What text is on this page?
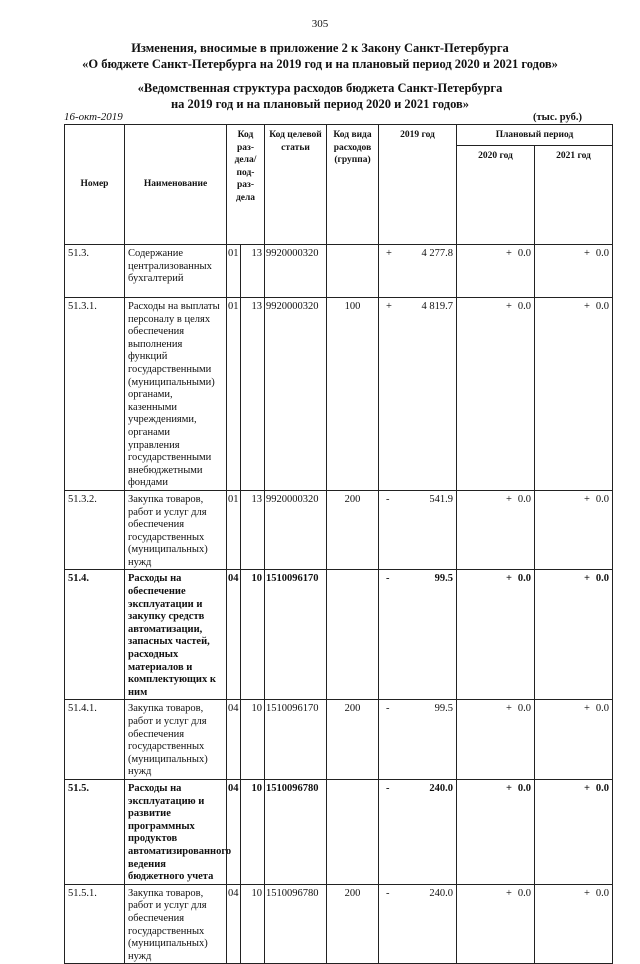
305
Изменения, вносимые в приложение 2 к Закону Санкт-Петербурга
«О бюджете Санкт-Петербурга на 2019 год и на плановый период 2020 и 2021 годов»
«Ведомственная структура расходов бюджета Санкт-Петербурга
на 2019 год и на плановый период 2020 и 2021 годов»
16-окт-2019	(тыс. руб.)
Номер	Наименование	Код раз- дела/ под- раз- дела		Код целевой статьи	Код вида расходов (группа)	2019 год	Плановый период	
							2020 год	2021 год
51.3.	Содержание централизованных бухгалтерий	01	13	9920000320		+ 4 277.8	+ 0.0	+ 0.0
51.3.1.	Расходы на выплаты персоналу в целях обеспечения выполнения функций государственными (муниципальными) органами, казенными учреждениями, органами управления государственными внебюджетными фондами	01	13	9920000320	100	+ 4 819.7	+ 0.0	+ 0.0
51.3.2.	Закупка товаров, работ и услуг для обеспечения государственных (муниципальных) нужд	01	13	9920000320	200	- 541.9	+ 0.0	+ 0.0
51.4.	Расходы на обеспечение эксплуатации и закупку средств автоматизации, запасных частей, расходных материалов и комплектующих к ним	04	10	1510096170		- 99.5	+ 0.0	+ 0.0
51.4.1.	Закупка товаров, работ и услуг для обеспечения государственных (муниципальных) нужд	04	10	1510096170	200	- 99.5	+ 0.0	+ 0.0
51.5.	Расходы на эксплуатацию и развитие программных продуктов автоматизированного ведения бюджетного учета	04	10	1510096780		- 240.0	+ 0.0	+ 0.0
51.5.1.	Закупка товаров, работ и услуг для обеспечения государственных (муниципальных) нужд	04	10	1510096780	200	- 240.0	+ 0.0	+ 0.0
